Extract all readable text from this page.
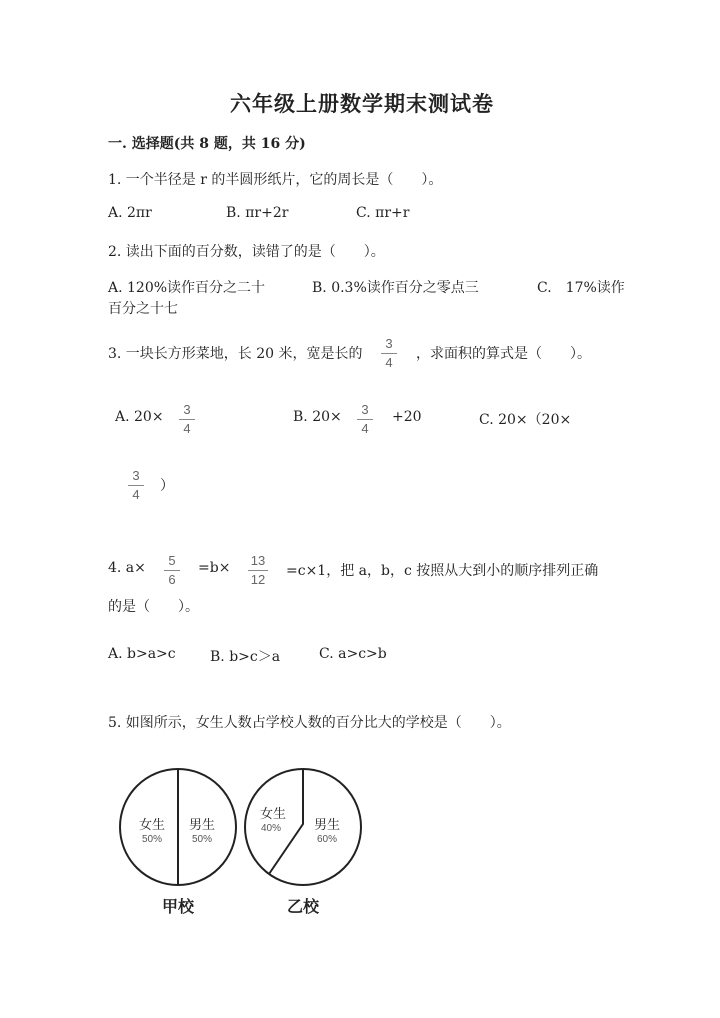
六年级上册数学期末测试卷
一. 选择题(共 8 题，共 16 分)
1. 一个半径是 r 的半圆形纸片，它的周长是（　　）。
A. 2πr	B. πr+2r	C. πr+r
2. 读出下面的百分数，读错了的是（　　）。
A. 120%读作百分之二十	B. 0.3%读作百分之零点三	C.　17%读作
百分之十七
3. 一块长方形菜地，长 20 米，宽是长的
3
4
，求面积的算式是（　　）。
A. 20×	3
4
B. 20×	3
4
+20	C. 20×（20×
3
4
）
4. a×	5
6
=b×	13
12
=c×1，把 a，b，c 按照从大到小的顺序排列正确
的是（　　）。
A. b>a>c B. b>c＞a	C. a>c>b
5. 如图所示，女生人数占学校人数的百分比大的学校是（　　）。
女生
50%
男生
50%
女生
40%	男生
60%
甲校	乙校
